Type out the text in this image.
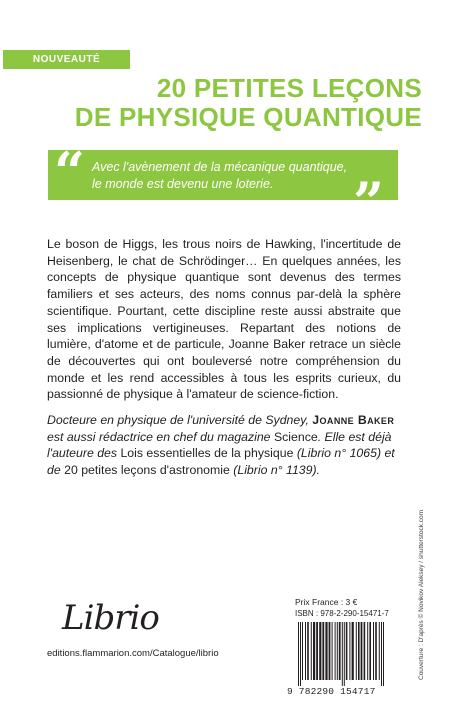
NOUVEAUTÉ
20 PETITES LEÇONS
DE PHYSIQUE QUANTIQUE
“ Avec l'avènement de la mécanique quantique,
le monde est devenu une loterie.	”
Le boson de Higgs, les trous noirs de Hawking, l'incertitude de Heisenberg, le chat de Schrödinger… En quelques années, les concepts de physique quantique sont devenus des termes familiers et ses acteurs, des noms connus par-delà la sphère scientifique. Pourtant, cette discipline reste aussi abstraite que ses implications vertigineuses. Repartant des notions de lumière, d'atome et de particule, Joanne Baker retrace un siècle de découvertes qui ont bouleversé notre compréhension du monde et les rend accessibles à tous les esprits curieux, du passionné de physique à l'amateur de science-fiction.
Docteure en physique de l'université de Sydney, Joanne Baker est aussi rédactrice en chef du magazine Science. Elle est déjà l'auteure des Lois essentielles de la physique (Librio n° 1065) et de 20 petites leçons d'astronomie (Librio n° 1139).
Couverture : D'après © Novikov Aleksey / shutterstock.com
Librio
editions.flammarion.com/Catalogue/librio
Prix France : 3 €
ISBN : 978-2-290-15471-7
9 782290 154717
